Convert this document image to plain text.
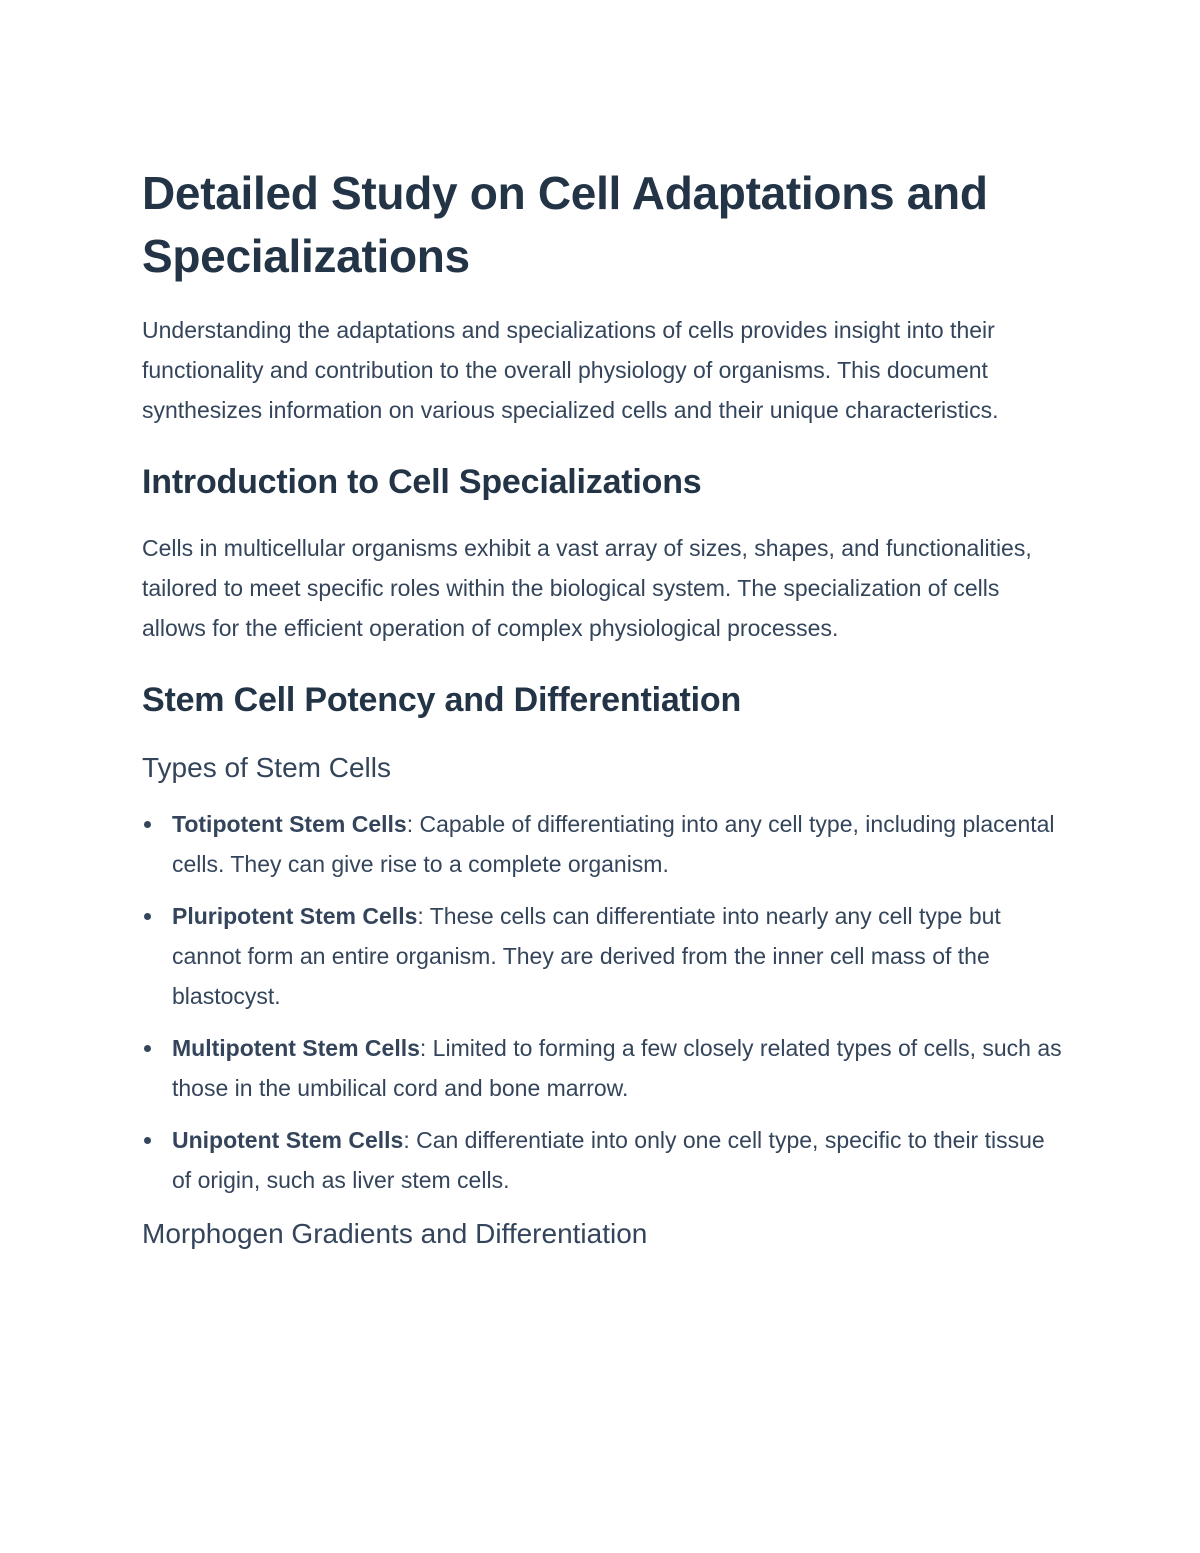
Detailed Study on Cell Adaptations and Specializations

Understanding the adaptations and specializations of cells provides insight into their functionality and contribution to the overall physiology of organisms. This document synthesizes information on various specialized cells and their unique characteristics.

Introduction to Cell Specializations

Cells in multicellular organisms exhibit a vast array of sizes, shapes, and functionalities, tailored to meet specific roles within the biological system. The specialization of cells allows for the efficient operation of complex physiological processes.

Stem Cell Potency and Differentiation
Types of Stem Cells
Totipotent Stem Cells: Capable of differentiating into any cell type, including placental cells. They can give rise to a complete organism.
Pluripotent Stem Cells: These cells can differentiate into nearly any cell type but cannot form an entire organism. They are derived from the inner cell mass of the blastocyst.
Multipotent Stem Cells: Limited to forming a few closely related types of cells, such as those in the umbilical cord and bone marrow.
Unipotent Stem Cells: Can differentiate into only one cell type, specific to their tissue of origin, such as liver stem cells.
Morphogen Gradients and Differentiation
